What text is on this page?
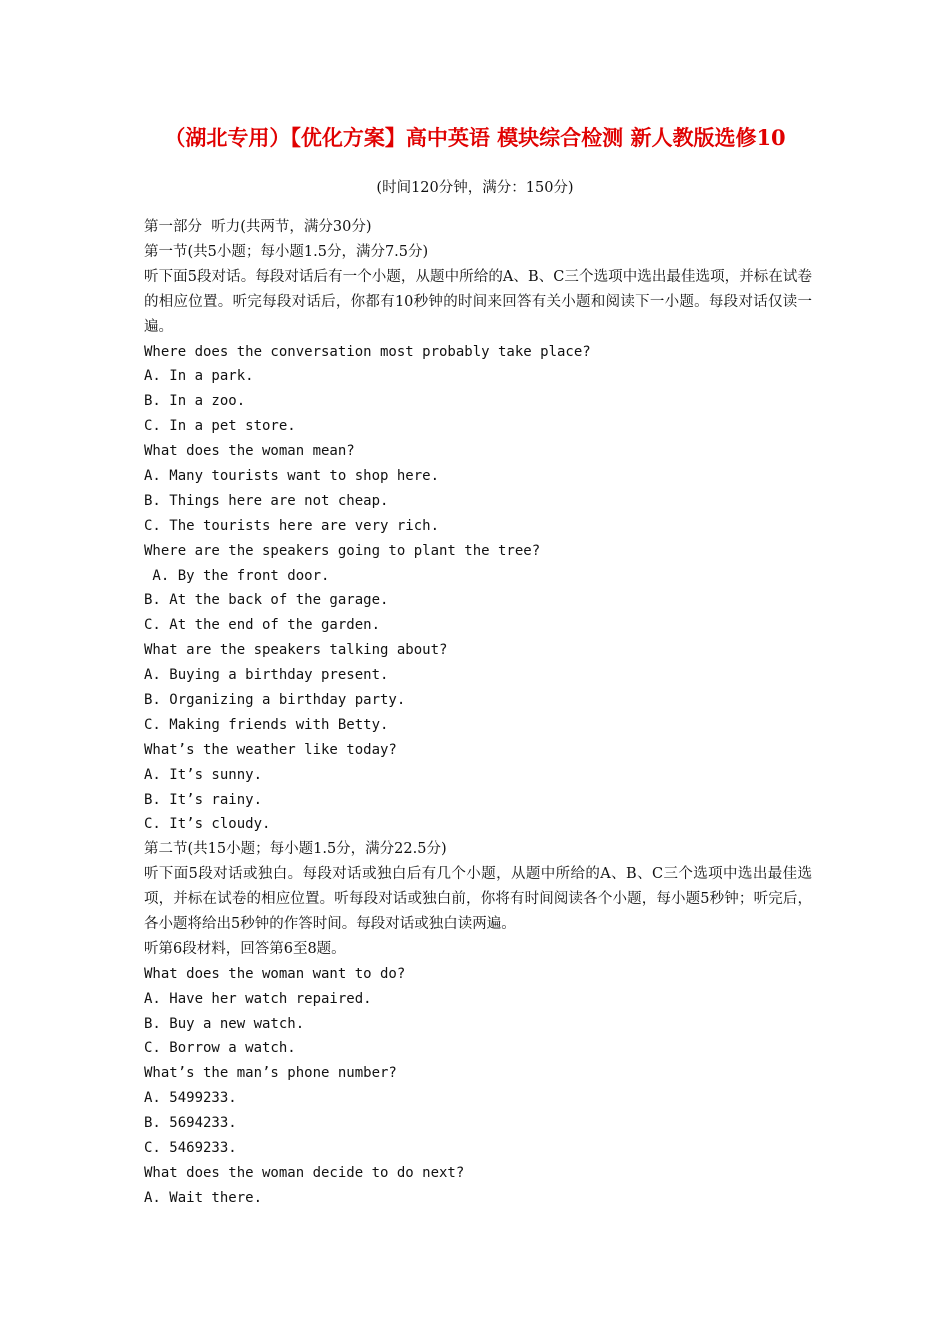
（湖北专用）【优化方案】高中英语 模块综合检测 新人教版选修10
(时间120分钟，满分：150分)
第一部分  听力(共两节，满分30分)
第一节(共5小题；每小题1.5分，满分7.5分)
听下面5段对话。每段对话后有一个小题，从题中所给的A、B、C三个选项中选出最佳选项，并标在试卷的相应位置。听完每段对话后，你都有10秒钟的时间来回答有关小题和阅读下一小题。每段对话仅读一遍。
Where does the conversation most probably take place?
A. In a park.
B. In a zoo.
C. In a pet store.
What does the woman mean?
A. Many tourists want to shop here.
B. Things here are not cheap.
C. The tourists here are very rich.
Where are the speakers going to plant the tree?
A. By the front door.
B. At the back of the garage.
C. At the end of the garden.
What are the speakers talking about?
A. Buying a birthday present.
B. Organizing a birthday party.
C. Making friends with Betty.
What’s the weather like today?
A. It’s sunny.
B. It’s rainy.
C. It’s cloudy.
第二节(共15小题；每小题1.5分，满分22.5分)
听下面5段对话或独白。每段对话或独白后有几个小题，从题中所给的A、B、C三个选项中选出最佳选项，并标在试卷的相应位置。听每段对话或独白前，你将有时间阅读各个小题，每小题5秒钟；听完后，各小题将给出5秒钟的作答时间。每段对话或独白读两遍。
听第6段材料，回答第6至8题。
What does the woman want to do?
A. Have her watch repaired.
B. Buy a new watch.
C. Borrow a watch.
What’s the man’s phone number?
A. 5499233.
B. 5694233.
C. 5469233.
What does the woman decide to do next?
A. Wait there.
